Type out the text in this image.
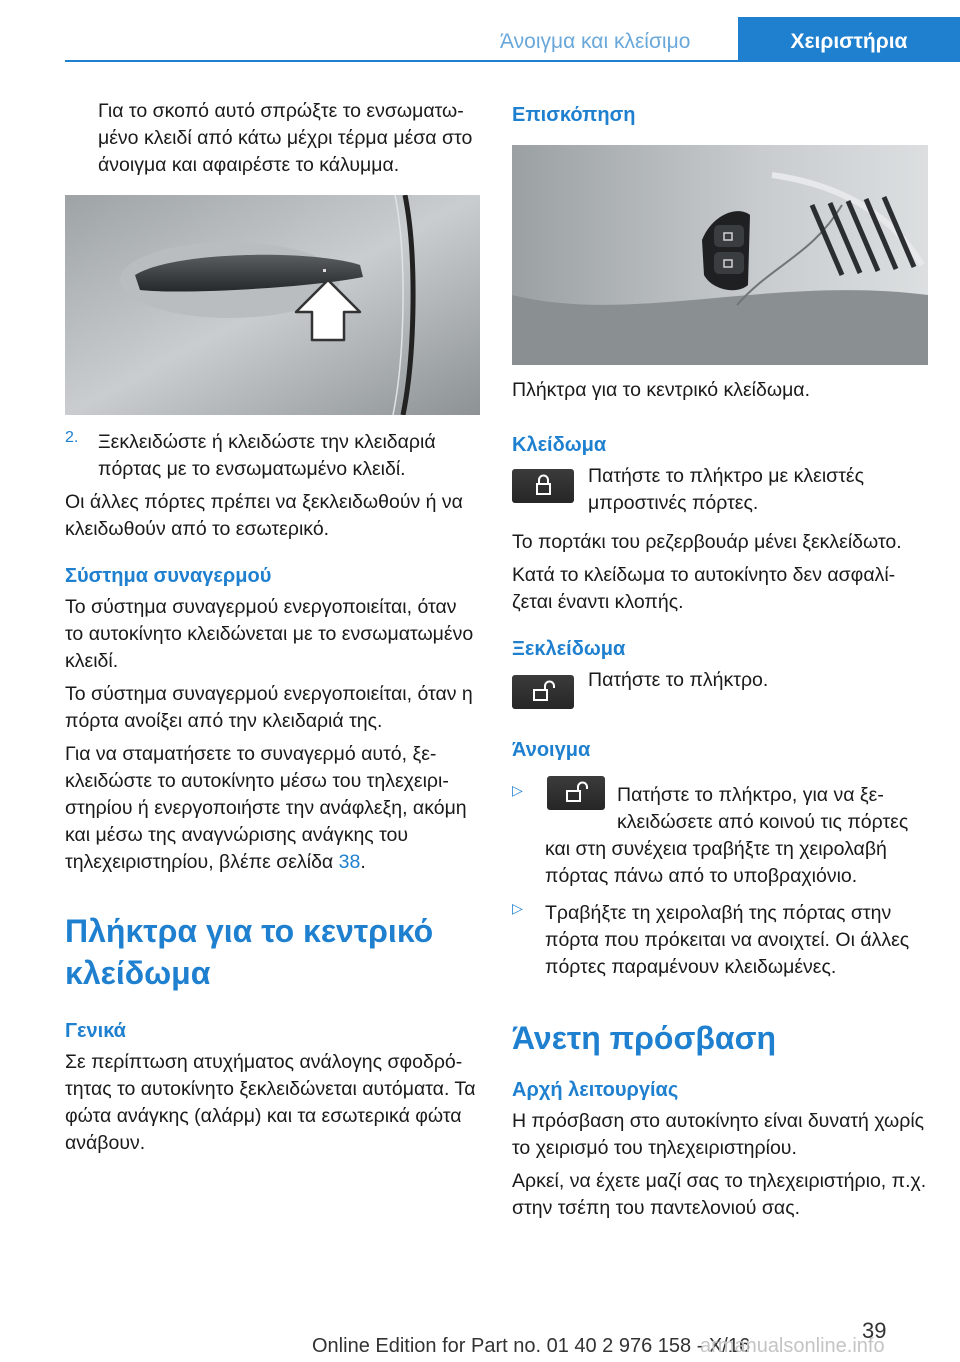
Άνοιγμα και κλείσιμο	Χειριστήρια

Για το σκοπό αυτό σπρώξτε το ενσωματωμένο κλειδί από κάτω μέχρι τέρμα μέσα στο άνοιγμα και αφαιρέστε το κάλυμμα.

2. Ξεκλειδώστε ή κλειδώστε την κλειδαριά πόρτας με το ενσωματωμένο κλειδί.

Οι άλλες πόρτες πρέπει να ξεκλειδωθούν ή να κλειδωθούν από το εσωτερικό.

Σύστημα συναγερμού

Το σύστημα συναγερμού ενεργοποιείται, όταν το αυτοκίνητο κλειδώνεται με το ενσωματωμένο κλειδί.

Το σύστημα συναγερμού ενεργοποιείται, όταν η πόρτα ανοίξει από την κλειδαριά της.

Για να σταματήσετε το συναγερμό αυτό, ξεκλειδώστε το αυτοκίνητο μέσω του τηλεχειριστηρίου ή ενεργοποιήστε την ανάφλεξη, ακόμη και μέσω της αναγνώρισης ανάγκης του τηλεχειριστηρίου, βλέπε σελίδα 38.

Πλήκτρα για το κεντρικό κλείδωμα
Γενικά

Σε περίπτωση ατυχήματος ανάλογης σφοδρότητας το αυτοκίνητο ξεκλειδώνεται αυτόματα. Τα φώτα ανάγκης (αλάρμ) και τα εσωτερικά φώτα ανάβουν.

Επισκόπηση

Πλήκτρα για το κεντρικό κλείδωμα.

Κλείδωμα

Πατήστε το πλήκτρο με κλειστές μπροστινές πόρτες.

Το πορτάκι του ρεζερβουάρ μένει ξεκλείδωτο.

Κατά το κλείδωμα το αυτοκίνητο δεν ασφαλίζεται έναντι κλοπής.

Ξεκλείδωμα

Πατήστε το πλήκτρο.

Άνοιγμα
▷	Πατήστε το πλήκτρο, για να ξεκλειδώσετε από κοινού τις πόρτες και στη συνέχεια τραβήξτε τη χειρολαβή πόρτας πάνω από το υποβραχιόνιο.

▷ Τραβήξτε τη χειρολαβή της πόρτας στην πόρτα που πρόκειται να ανοιχτεί. Οι άλλες πόρτες παραμένουν κλειδωμένες.

Άνετη πρόσβαση
Αρχή λειτουργίας

Η πρόσβαση στο αυτοκίνητο είναι δυνατή χωρίς το χειρισμό του τηλεχειριστηρίου.

Αρκεί, να έχετε μαζί σας το τηλεχειριστήριο, π.χ. στην τσέπη του παντελονιού σας.

39
Online Edition for Part no. 01 40 2 976 158 - X/16
armanualsonline.info
